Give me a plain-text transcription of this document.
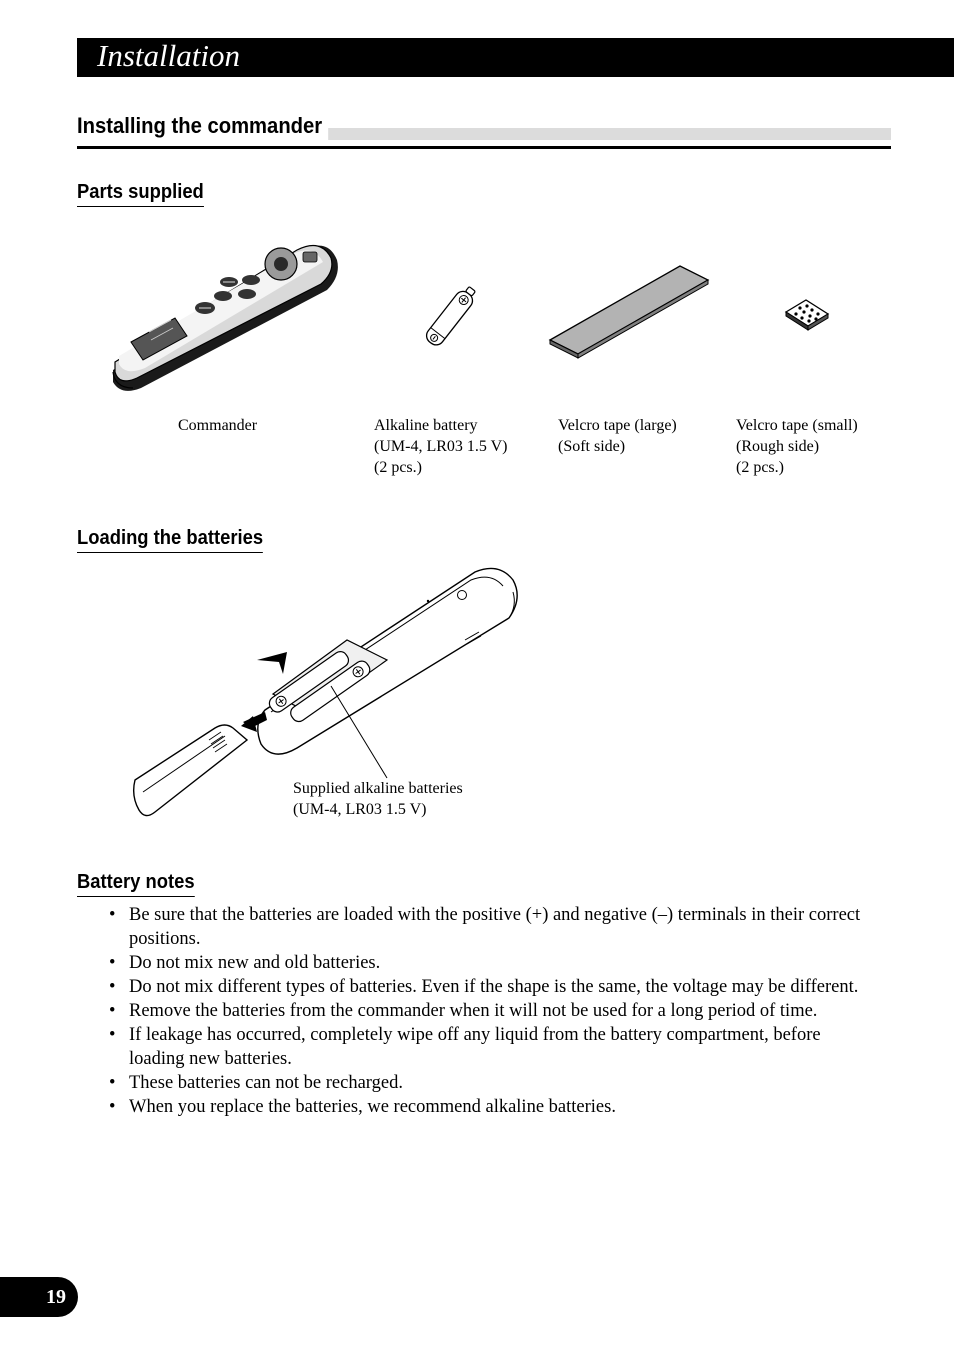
Installation
Installing the commander
Parts supplied
Commander	Alkaline battery
(UM-4, LR03 1.5 V)
(2 pcs.)
Velcro tape (large)
(Soft side)
Velcro tape (small)
(Rough side)
(2 pcs.)
Loading the batteries
Supplied alkaline batteries
(UM-4, LR03 1.5 V)
Battery notes
• Be sure that the batteries are loaded with the positive (+) and negative (–) terminals in their correct positions.
• Do not mix new and old batteries.
• Do not mix different types of batteries. Even if the shape is the same, the voltage may be different.
• Remove the batteries from the commander when it will not be used for a long period of time.
• If leakage has occurred, completely wipe off any liquid from the battery compartment, before loading new batteries.
• These batteries can not be recharged.
• When you replace the batteries, we recommend alkaline batteries.
19
